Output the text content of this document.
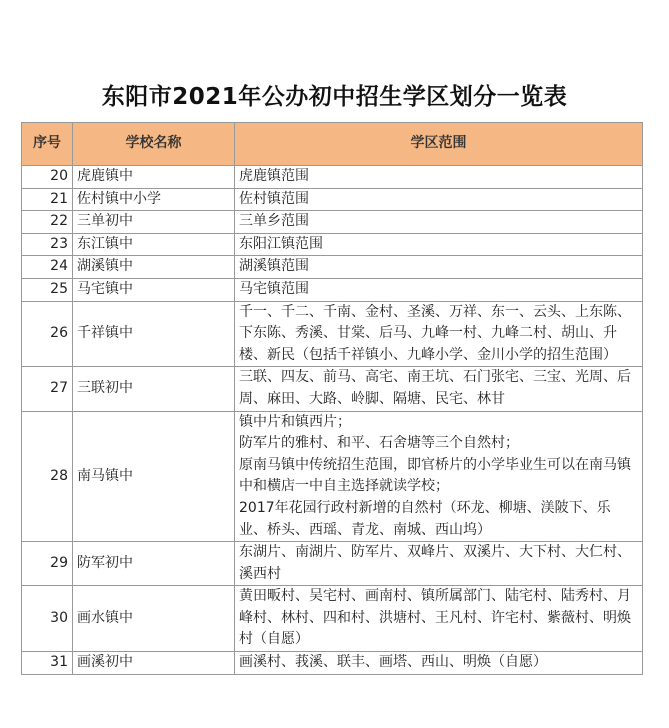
东阳市2021年公办初中招生学区划分一览表
序号	学校名称	学区范围
20	虎鹿镇中	虎鹿镇范围

21	佐村镇中小学	佐村镇范围

22	三单初中	三单乡范围

23	东江镇中	东阳江镇范围

24	湖溪镇中	湖溪镇范围

25	马宅镇中	马宅镇范围

26	千祥镇中	千一、千二、千南、金村、圣溪、万祥、东一、云头、上东陈、下东陈、秀溪、甘棠、后马、九峰一村、九峰二村、胡山、升楼、新民（包括千祥镇小、九峰小学、金川小学的招生范围）

27	三联初中	三联、四友、前马、高宅、南王坑、石门张宅、三宝、光周、后周、麻田、大路、岭脚、隔塘、民宅、林甘

28	南马镇中	镇中片和镇西片；
防军片的雅村、和平、石舍塘等三个自然村；
原南马镇中传统招生范围，即官桥片的小学毕业生可以在南马镇中和横店一中自主选择就读学校；
2017年花园行政村新增的自然村（环龙、柳塘、渼陂下、乐业、桥头、西瑶、青龙、南城、西山坞）

29	防军初中	东湖片、南湖片、防军片、双峰片、双溪片、大下村、大仁村、溪西村

30	画水镇中	黄田畈村、吴宅村、画南村、镇所属部门、陆宅村、陆秀村、月峰村、林村、四和村、洪塘村、王凡村、许宅村、紫薇村、明焕村（自愿）

31	画溪初中	画溪村、莪溪、联丰、画塔、西山、明焕（自愿）
